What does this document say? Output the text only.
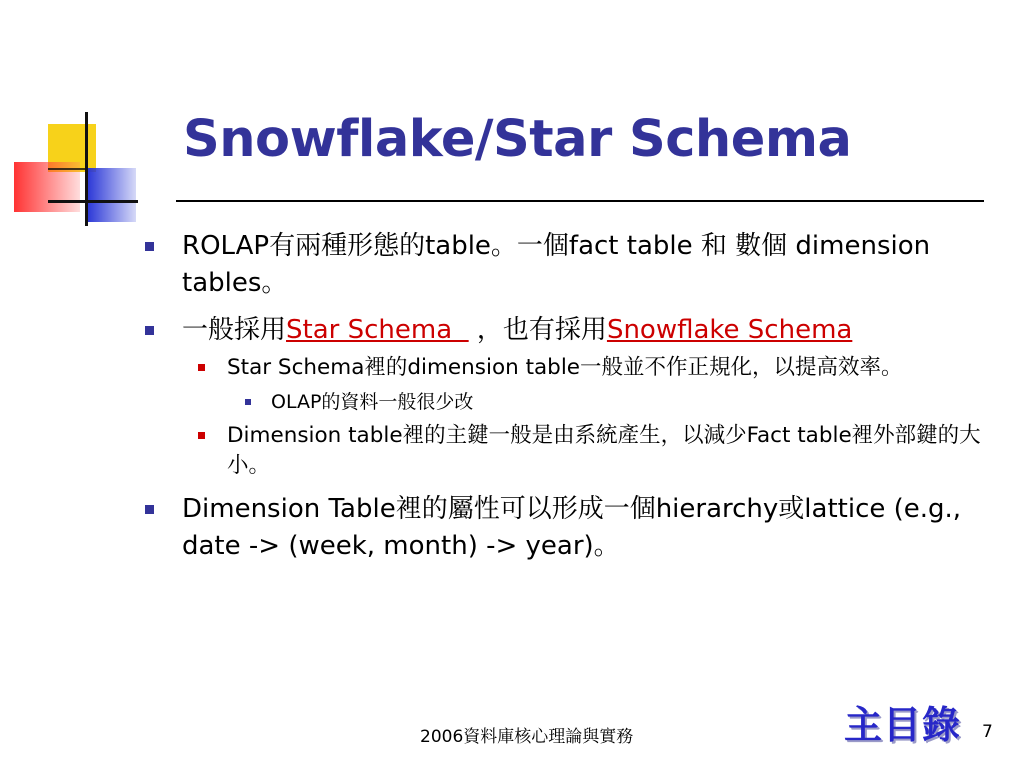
Snowflake/Star Schema
ROLAP有兩種形態的table。一個fact table 和 數個 dimension tables。
一般採用Star Schema   ，也有採用Snowflake Schema
Star Schema裡的dimension table一般並不作正規化，以提高效率。
OLAP的資料一般很少改
Dimension table裡的主鍵一般是由系統產生，以減少Fact table裡外部鍵的大小。
Dimension Table裡的屬性可以形成一個hierarchy或lattice (e.g., date -> (week, month) -> year)。
2006資料庫核心理論與實務	主目錄 7
